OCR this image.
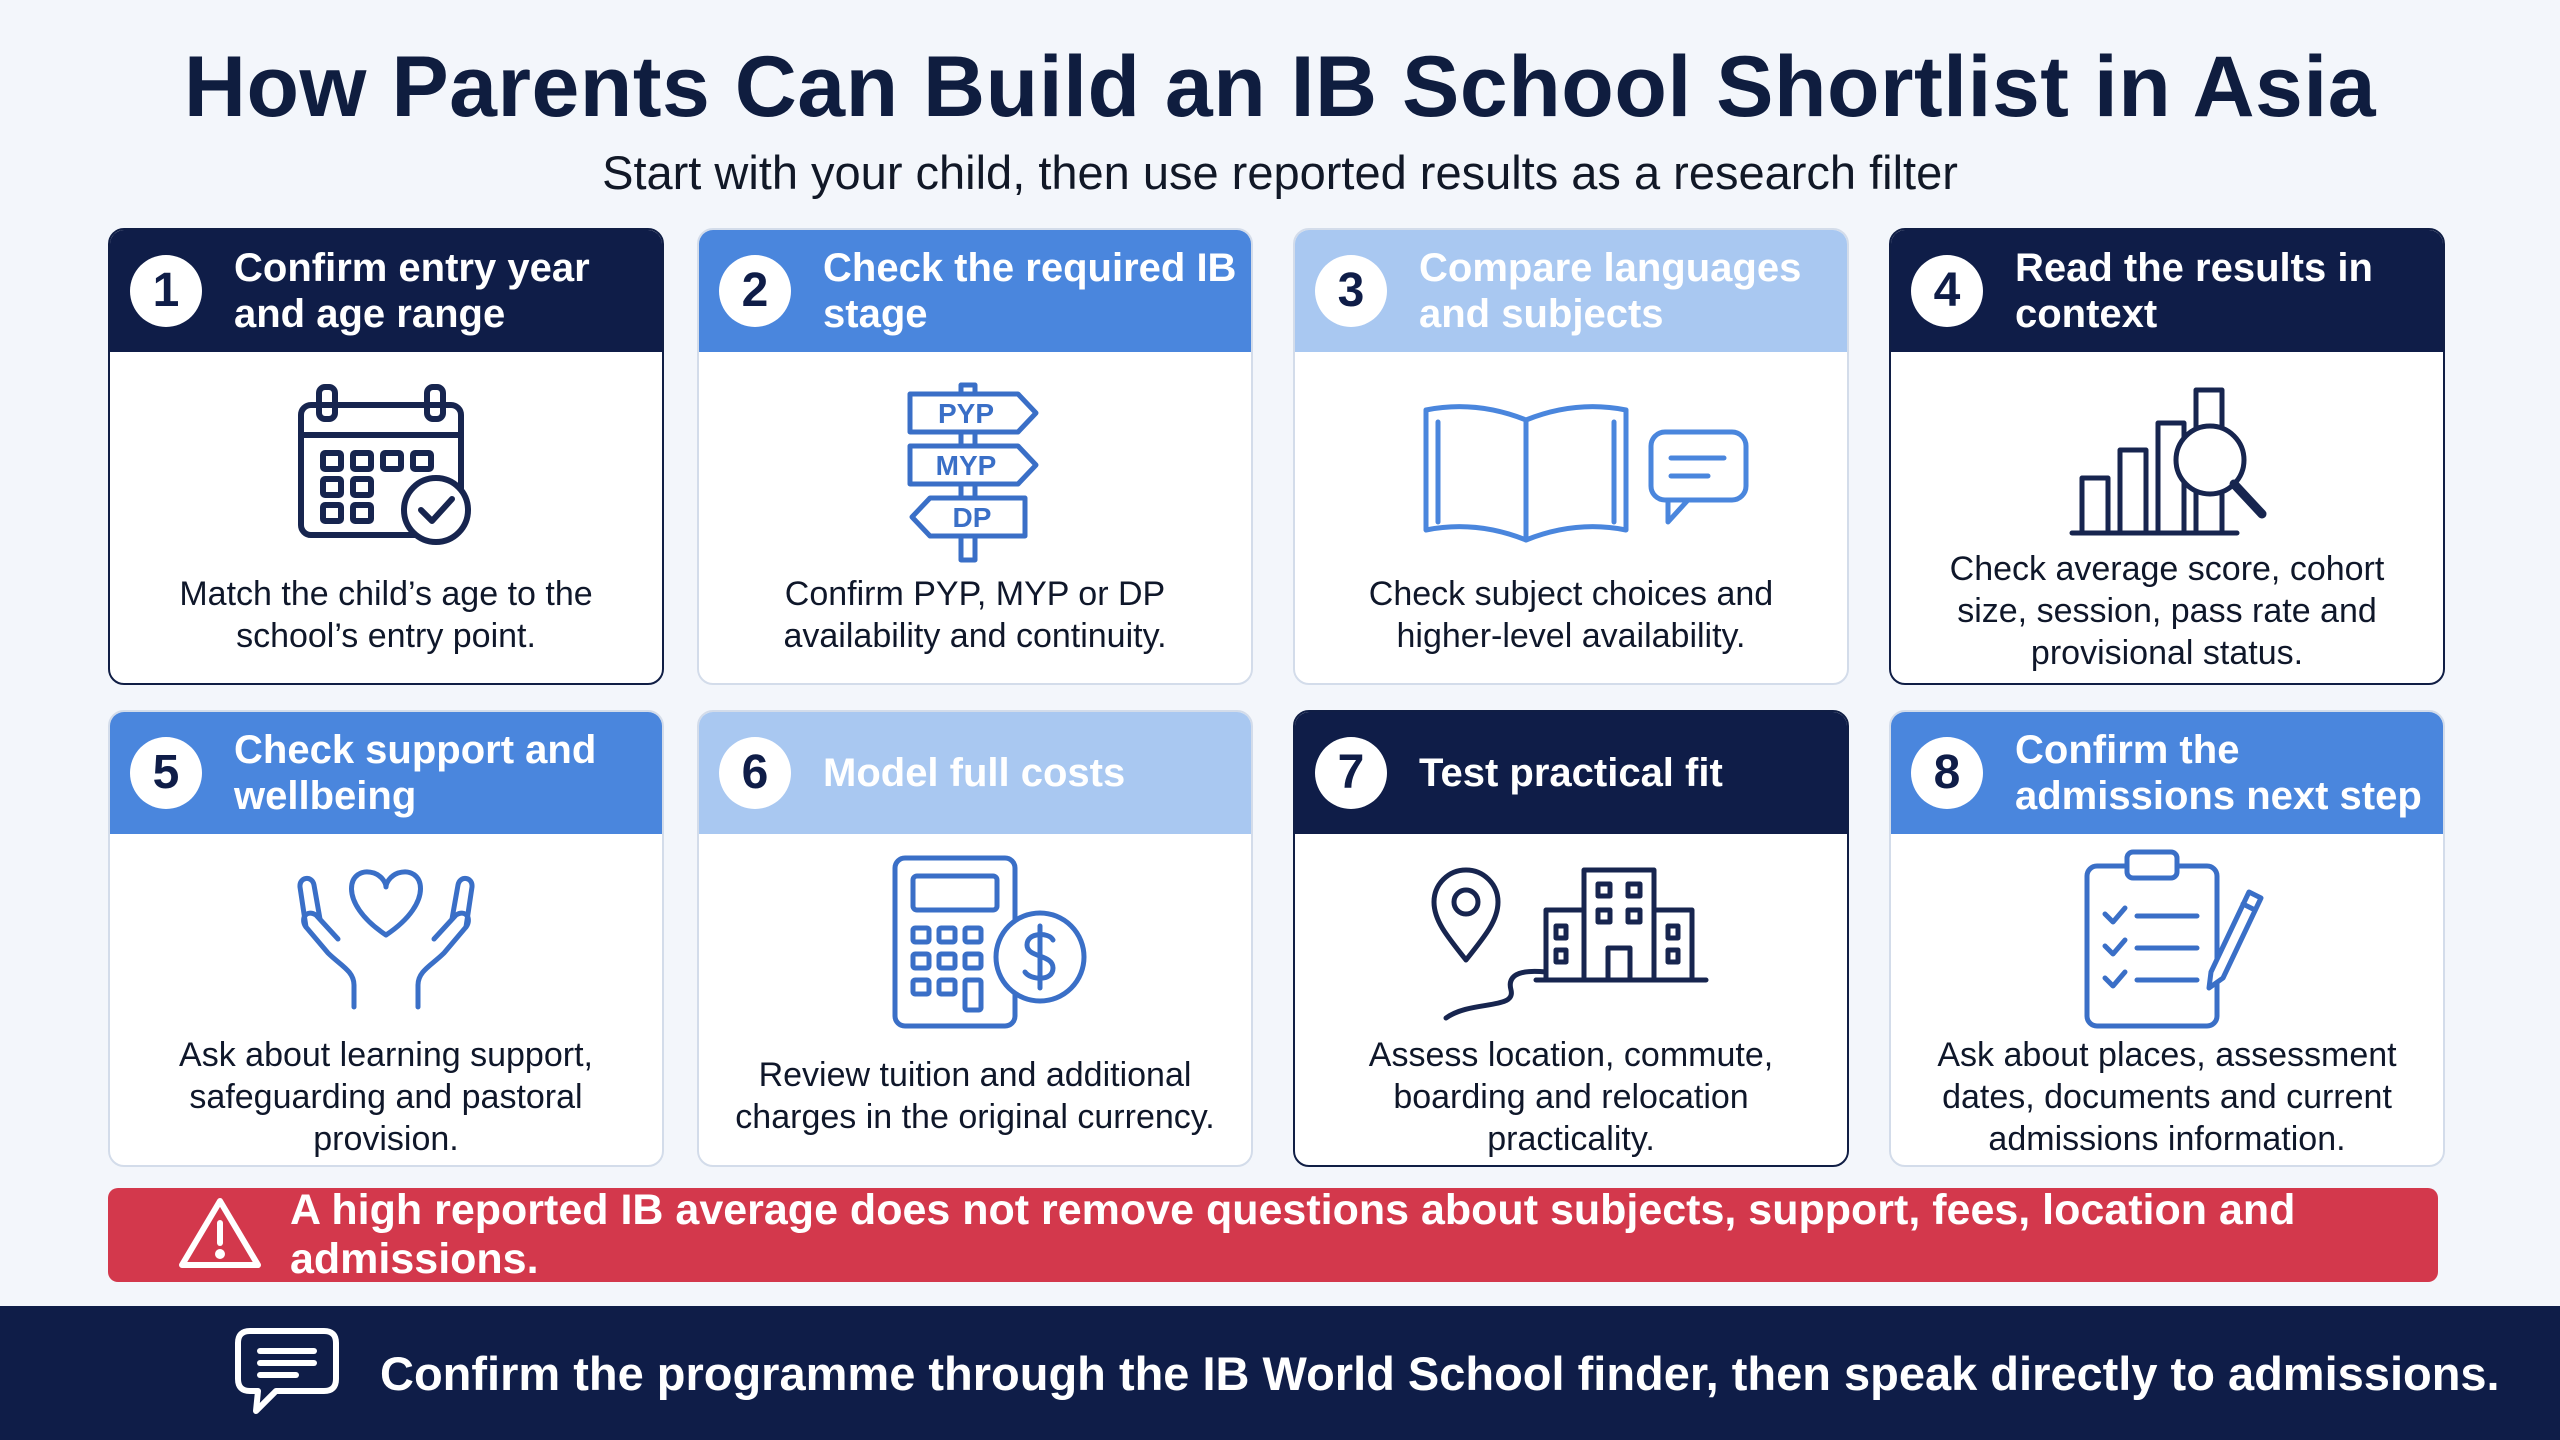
How Parents Can Build an IB School Shortlist in Asia
Start with your child, then use reported results as a research filter
1	Confirm entry year and age range
Match the child’s age to the school’s entry point.
2	Check the required IB stage
PYP
MYP
DP
Confirm PYP, MYP or DP availability and continuity.
3	Compare languages and subjects
Check subject choices and higher-level availability.
4	Read the results in context
Check average score, cohort size, session, pass rate and provisional status.
5	Check support and wellbeing
Ask about learning support, safeguarding and pastoral provision.
6	Model full costs
Review tuition and additional charges in the original currency.
7	Test practical fit
Assess location, commute, boarding and relocation practicality.
8	Confirm the admissions next step
Ask about places, assessment dates, documents and current admissions information.
A high reported IB average does not remove questions about subjects, support, fees, location and admissions.
Confirm the programme through the IB World School finder, then speak directly to admissions.
